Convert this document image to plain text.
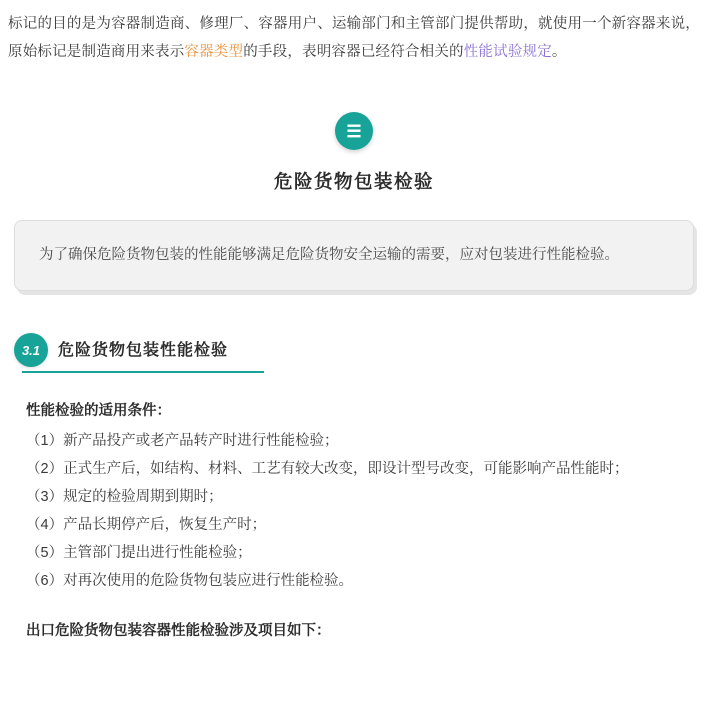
标记的目的是为容器制造商、修理厂、容器用户、运输部门和主管部门提供帮助，就使用一个新容器来说，原始标记是制造商用来表示容器类型的手段，表明容器已经符合相关的性能试验规定。

☰
危险货物包装检验
为了确保危险货物包装的性能能够满足危险货物安全运输的需要，应对包装进行性能检验。
3.1	危险货物包装性能检验
性能检验的适用条件：
（1）新产品投产或老产品转产时进行性能检验；
（2）正式生产后，如结构、材料、工艺有较大改变，即设计型号改变，可能影响产品性能时；
（3）规定的检验周期到期时；
（4）产品长期停产后，恢复生产时；
（5）主管部门提出进行性能检验；
（6）对再次使用的危险货物包装应进行性能检验。
出口危险货物包装容器性能检验涉及项目如下：
